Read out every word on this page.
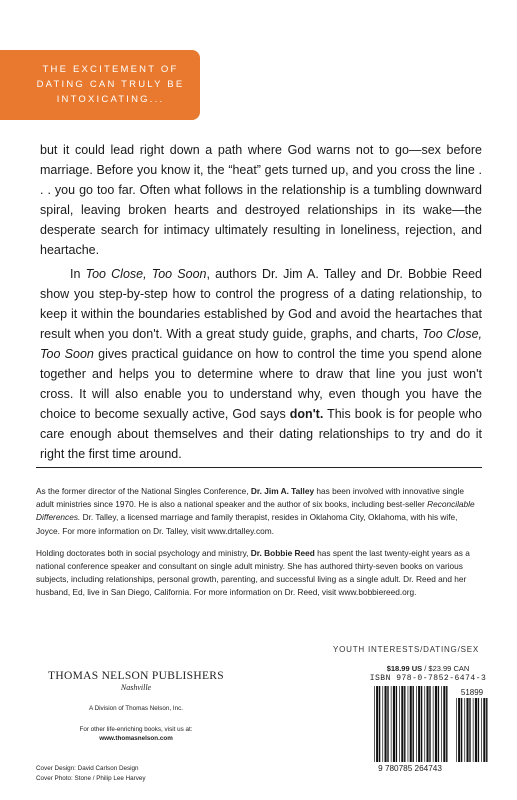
THE EXCITEMENT OF DATING CAN TRULY BE INTOXICATING...

but it could lead right down a path where God warns not to go—sex before marriage. Before you know it, the “heat” gets turned up, and you cross the line . . . you go too far. Often what follows in the relationship is a tumbling downward spiral, leaving broken hearts and destroyed relationships in its wake—the desperate search for intimacy ultimately resulting in loneliness, rejection, and heartache.

In Too Close, Too Soon, authors Dr. Jim A. Talley and Dr. Bobbie Reed show you step-by-step how to control the progress of a dating relationship, to keep it within the boundaries established by God and avoid the heartaches that result when you don't. With a great study guide, graphs, and charts, Too Close, Too Soon gives practical guidance on how to control the time you spend alone together and helps you to determine where to draw that line you just won't cross. It will also enable you to understand why, even though you have the choice to become sexually active, God says don't. This book is for people who care enough about themselves and their dating relationships to try and do it right the first time around.

As the former director of the National Singles Conference, Dr. Jim A. Talley has been involved with innovative single adult ministries since 1970. He is also a national speaker and the author of six books, including best-seller Reconcilable Differences. Dr. Talley, a licensed marriage and family therapist, resides in Oklahoma City, Oklahoma, with his wife, Joyce. For more information on Dr. Talley, visit www.drtalley.com.

Holding doctorates both in social psychology and ministry, Dr. Bobbie Reed has spent the last twenty-eight years as a national conference speaker and consultant on single adult ministry. She has authored thirty-seven books on various subjects, including relationships, personal growth, parenting, and successful living as a single adult. Dr. Reed and her husband, Ed, live in San Diego, California. For more information on Dr. Reed, visit www.bobbiereed.org.

THOMAS NELSON PUBLISHERS
Nashville
A Division of Thomas Nelson, Inc.
For other life-enriching books, visit us at:
www.thomasnelson.com
Cover Design: David Carlson Design
Cover Photo: Stone / Philip Lee Harvey
YOUTH INTERESTS/DATING/SEX
$18.99 US / $23.99 CAN
ISBN 978-0-7852-6474-3
51899
9 780785 264743
